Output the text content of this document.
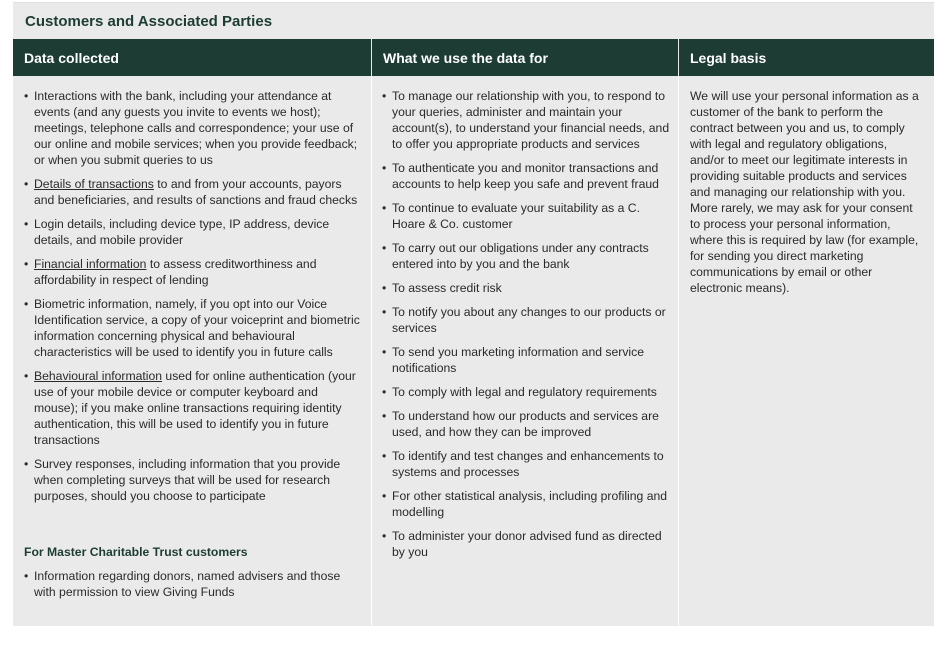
Customers and Associated Parties
Data collected	What we use the data for	Legal basis
• Interactions with the bank, including your attendance at events (and any guests you invite to events we host); meetings, telephone calls and correspondence; your use of our online and mobile services; when you provide feedback; or when you submit queries to us
• Details of transactions to and from your accounts, payors and beneficiaries, and results of sanctions and fraud checks
• Login details, including device type, IP address, device details, and mobile provider
• Financial information to assess creditworthiness and affordability in respect of lending
• Biometric information, namely, if you opt into our Voice Identification service, a copy of your voiceprint and biometric information concerning physical and behavioural characteristics will be used to identify you in future calls
• Behavioural information used for online authentication (your use of your mobile device or computer keyboard and mouse); if you make online transactions requiring identity authentication, this will be used to identify you in future transactions
• Survey responses, including information that you provide when completing surveys that will be used for research purposes, should you choose to participate
For Master Charitable Trust customers
• Information regarding donors, named advisers and those with permission to view Giving Funds
• To manage our relationship with you, to respond to your queries, administer and maintain your account(s), to understand your financial needs, and to offer you appropriate products and services
• To authenticate you and monitor transactions and accounts to help keep you safe and prevent fraud
• To continue to evaluate your suitability as a C. Hoare & Co. customer
• To carry out our obligations under any contracts entered into by you and the bank
• To assess credit risk
• To notify you about any changes to our products or services
• To send you marketing information and service notifications
• To comply with legal and regulatory requirements
• To understand how our products and services are used, and how they can be improved
• To identify and test changes and enhancements to systems and processes
• For other statistical analysis, including profiling and modelling
• To administer your donor advised fund as directed by you

We will use your personal information as a customer of the bank to perform the contract between you and us, to comply with legal and regulatory obligations, and/or to meet our legitimate interests in providing suitable products and services and managing our relationship with you. More rarely, we may ask for your consent to process your personal information, where this is required by law (for example, for sending you direct marketing communications by email or other electronic means).
